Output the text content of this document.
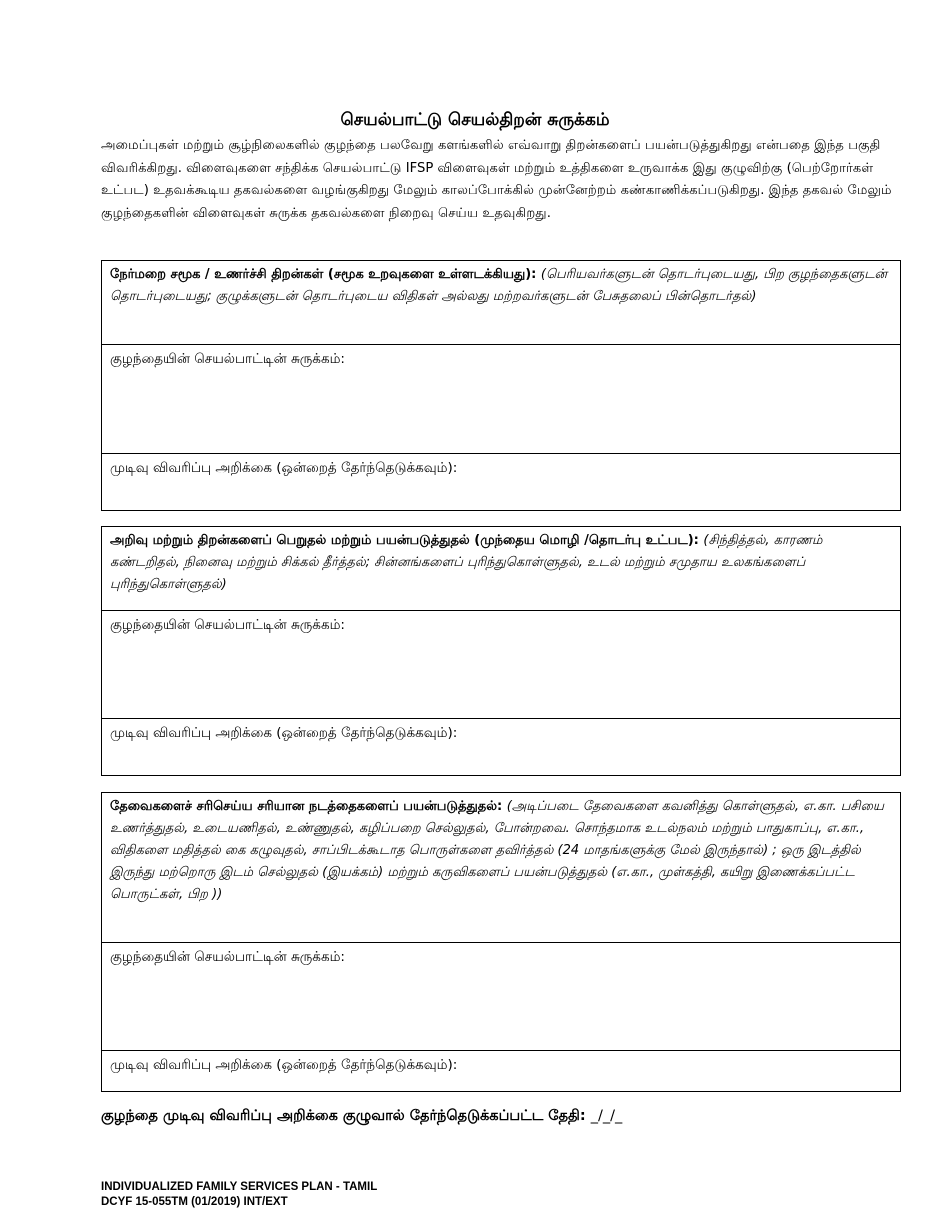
செயல்பாட்டு செயல்திறன் சுருக்கம்
அமைப்புகள் மற்றும் சூழ்நிலைகளில் குழந்தை பலவேறு களங்களில் எவ்வாறு திறன்களைப் பயன்படுத்துகிறது என்பதை இந்த பகுதி விவரிக்கிறது. விளைவுகளை சந்திக்க செயல்பாட்டு IFSP விளைவுகள் மற்றும் உத்திகளை உருவாக்க இது குழுவிற்கு (பெற்றோர்கள் உட்பட) உதவக்கூடிய தகவல்களை வழங்குகிறது மேலும் காலப்போக்கில் முன்னேற்றம் கண்காணிக்கப்படுகிறது. இந்த தகவல் மேலும் குழந்தைகளின் விளைவுகள் சுருக்க தகவல்களை நிறைவு செய்ய உதவுகிறது.
நேர்மறை சமூக / உணர்ச்சி திறன்கள் (சமூக உறவுகளை உள்ளடக்கியது): (பெரியவர்களுடன் தொடர்புடையது, பிற குழந்தைகளுடன் தொடர்புடையது; குழுக்களுடன் தொடர்புடைய விதிகள் அல்லது மற்றவர்களுடன் பேசுதலைப் பின்தொடர்தல்)
குழந்தையின் செயல்பாட்டின் சுருக்கம்:
முடிவு விவரிப்பு அறிக்கை (ஒன்றைத் தேர்ந்தெடுக்கவும்):
அறிவு மற்றும் திறன்களைப் பெறுதல் மற்றும் பயன்படுத்துதல் (முந்தைய மொழி /தொடர்பு உட்பட): (சிந்தித்தல், காரணம் கண்டறிதல், நினைவு மற்றும் சிக்கல் தீர்த்தல்; சின்னங்களைப் புரிந்துகொள்ளுதல், உடல் மற்றும் சமுதாய உலகங்களைப் புரிந்துகொள்ளுதல்)
குழந்தையின் செயல்பாட்டின் சுருக்கம்:
முடிவு விவரிப்பு அறிக்கை (ஒன்றைத் தேர்ந்தெடுக்கவும்):
தேவைகளைச் சரிசெய்ய சரியான நடத்தைகளைப் பயன்படுத்துதல்: (அடிப்படை தேவைகளை கவனித்து கொள்ளுதல், எ.கா. பசியை உணர்த்துதல், உடையணிதல், உண்ணுதல், கழிப்பறை செல்லுதல், போன்றவை. சொந்தமாக உடல்நலம் மற்றும் பாதுகாப்பு, எ.கா., விதிகளை மதித்தல் கை கழுவுதல், சாப்பிடக்கூடாத பொருள்களை தவிர்த்தல் (24 மாதங்களுக்கு மேல் இருந்தால்) ; ஒரு இடத்தில் இருந்து மற்றொரு இடம் செல்லுதல் (இயக்கம்) மற்றும் கருவிகளைப் பயன்படுத்துதல் (எ.கா., முள்கத்தி, கயிறு இணைக்கப்பட்ட பொருட்கள், பிற ))
குழந்தையின் செயல்பாட்டின் சுருக்கம்:
முடிவு விவரிப்பு அறிக்கை (ஒன்றைத் தேர்ந்தெடுக்கவும்):
குழந்தை முடிவு விவரிப்பு அறிக்கை குழுவால் தேர்ந்தெடுக்கப்பட்ட தேதி: _/_/_
INDIVIDUALIZED FAMILY SERVICES PLAN - TAMIL
DCYF 15-055TM (01/2019) INT/EXT
